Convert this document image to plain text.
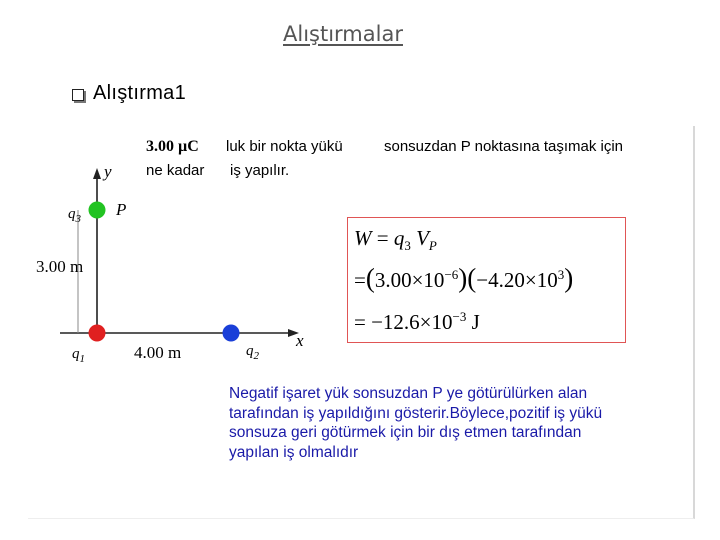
Alıştırmalar
Alıştırma1
3.00 µC luk bir nokta yükü	sonsuzdan P noktasına taşımak için
ne kadar iş yapılır.
y
x
P
$q_3$
$q_1$	$q_2$
3.00 m
4.00 m
$W = q_3$ $V_P$
$=(3.00\times 10^{-6})(-4.20\times 10^3)$
= $-12.6\times 10^{-3}$ J
Negatif işaret yük sonsuzdan P ye götürülürken alan
tarafından iş yapıldığını gösterir.Böylece,pozitif iş yükü
sonsuza geri götürmek için bir dış etmen tarafından
yapılan iş olmalıdır
